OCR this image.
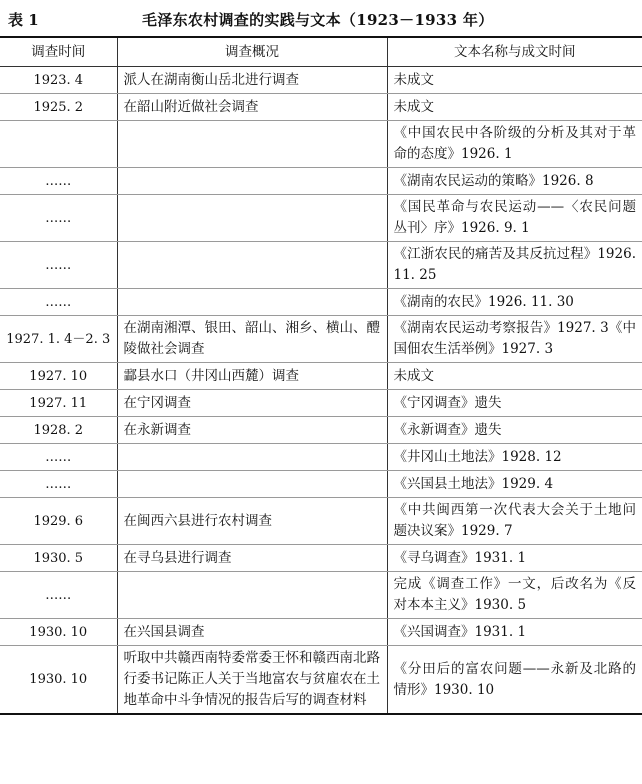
表 1	毛泽东农村调查的实践与文本（1923－1933 年）
调查时间	调查概况	文本名称与成文时间
1923. 4	派人在湖南衡山岳北进行调查	未成文
1925. 2	在韶山附近做社会调查	未成文
		《中国农民中各阶级的分析及其对于革命的态度》1926. 1
……		《湖南农民运动的策略》1926. 8
……		《国民革命与农民运动——〈农民问题丛刊〉序》1926. 9. 1
……		《江浙农民的痛苦及其反抗过程》1926. 11. 25
……		《湖南的农民》1926. 11. 30
1927. 1. 4－2. 3	在湖南湘潭、银田、韶山、湘乡、横山、醴陵做社会调查	《湖南农民运动考察报告》1927. 3《中国佃农生活举例》1927. 3
1927. 10	酃县水口（井冈山西麓）调查	未成文
1927. 11	在宁冈调查	《宁冈调查》遗失
1928. 2	在永新调查	《永新调查》遗失
……		《井冈山土地法》1928. 12
……		《兴国县土地法》1929. 4
1929. 6	在闽西六县进行农村调查	《中共闽西第一次代表大会关于土地问题决议案》1929. 7
1930. 5	在寻乌县进行调查	《寻乌调查》1931. 1
……		完成《调查工作》一文，后改名为《反对本本主义》1930. 5
1930. 10	在兴国县调查	《兴国调查》1931. 1
1930. 10	听取中共赣西南特委常委王怀和赣西南北路行委书记陈正人关于当地富农与贫雇农在土地革命中斗争情况的报告后写的调查材料	《分田后的富农问题——永新及北路的情形》1930. 10
